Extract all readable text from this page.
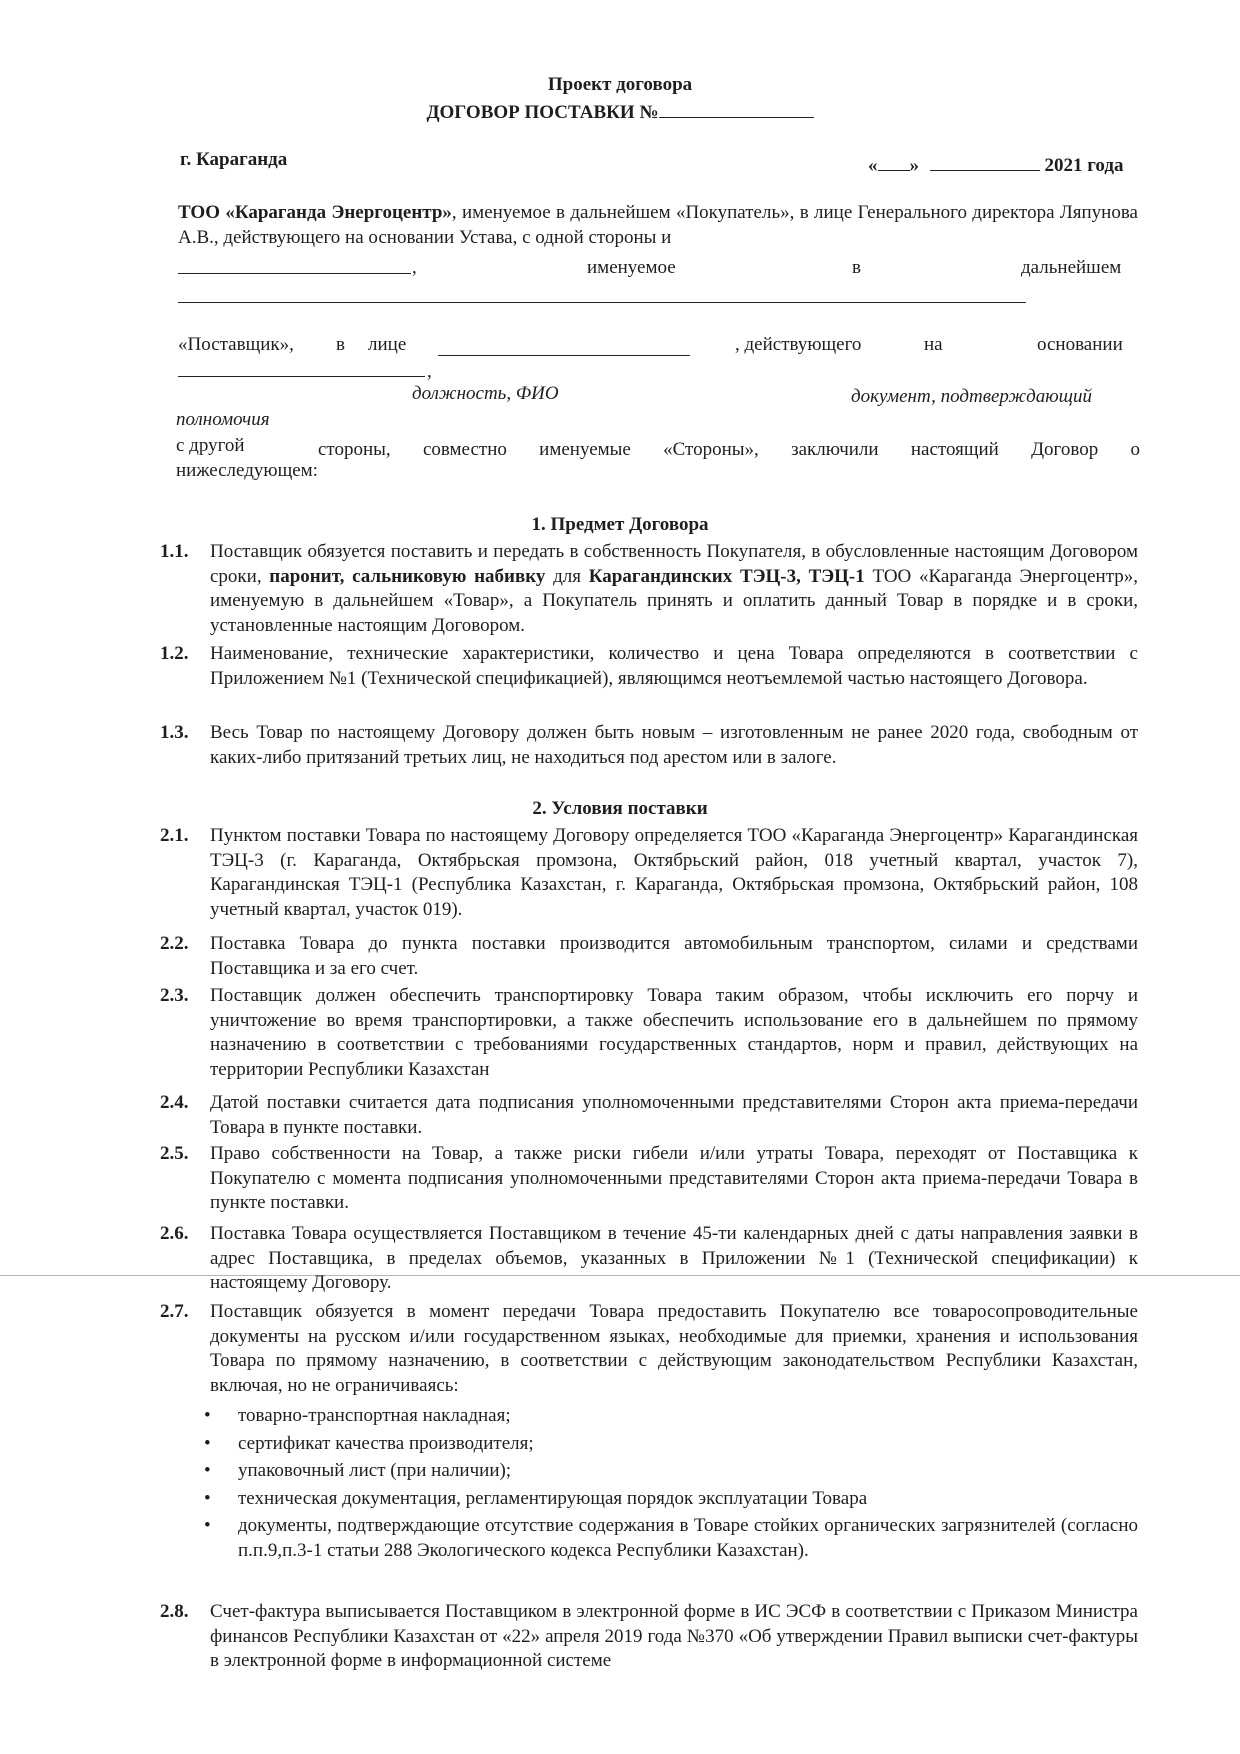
Проект договора
ДОГОВОР ПОСТАВКИ №
г. Караганда	« »	2021 года
ТОО «Караганда Энергоцентр», именуемое в дальнейшем «Покупатель», в лице Генерального директора Ляпунова А.В., действующего на основании Устава, с одной стороны и
,	именуемое	в	дальнейшем
«Поставщик», в лице	, действующего	на	основании
,
должность, ФИО	документ, подтверждающий
полномочия
с другой	стороны, совместно именуемые «Стороны», заключили настоящий Договор о
нижеследующем:
1. Предмет Договора
1.1. Поставщик обязуется поставить и передать в собственность Покупателя, в обусловленные настоящим Договором сроки, паронит, сальниковую набивку для Карагандинских ТЭЦ-3, ТЭЦ-1 ТОО «Караганда Энергоцентр», именуемую в дальнейшем «Товар», а Покупатель принять и оплатить данный Товар в порядке и в сроки, установленные настоящим Договором.
1.2. Наименование, технические характеристики, количество и цена Товара определяются в соответствии с Приложением №1 (Технической спецификацией), являющимся неотъемлемой частью настоящего Договора.
1.3. Весь Товар по настоящему Договору должен быть новым – изготовленным не ранее 2020 года, свободным от каких-либо притязаний третьих лиц, не находиться под арестом или в залоге.
2. Условия поставки
2.1. Пунктом поставки Товара по настоящему Договору определяется ТОО «Караганда Энергоцентр» Карагандинская ТЭЦ-3 (г. Караганда, Октябрьская промзона, Октябрьский район, 018 учетный квартал, участок 7), Карагандинская ТЭЦ-1 (Республика Казахстан, г. Караганда, Октябрьская промзона, Октябрьский район, 108 учетный квартал, участок 019).
2.2. Поставка Товара до пункта поставки производится автомобильным транспортом, силами и средствами Поставщика и за его счет.
2.3. Поставщик должен обеспечить транспортировку Товара таким образом, чтобы исключить его порчу и уничтожение во время транспортировки, а также обеспечить использование его в дальнейшем по прямому назначению в соответствии с требованиями государственных стандартов, норм и правил, действующих на территории Республики Казахстан
2.4. Датой поставки считается дата подписания уполномоченными представителями Сторон акта приема-передачи Товара в пункте поставки.
2.5. Право собственности на Товар, а также риски гибели и/или утраты Товара, переходят от Поставщика к Покупателю с момента подписания уполномоченными представителями Сторон акта приема-передачи Товара в пункте поставки.
2.6. Поставка Товара осуществляется Поставщиком в течение 45-ти календарных дней с даты направления заявки в адрес Поставщика, в пределах объемов, указанных в Приложении №1 (Технической спецификации) к настоящему Договору.
2.7. Поставщик обязуется в момент передачи Товара предоставить Покупателю все товаросопроводительные документы на русском и/или государственном языках, необходимые для приемки, хранения и использования Товара по прямому назначению, в соответствии с действующим законодательством Республики Казахстан, включая, но не ограничиваясь:
• товарно-транспортная накладная;
• сертификат качества производителя;
• упаковочный лист (при наличии);
• техническая документация, регламентирующая порядок эксплуатации Товара
• документы, подтверждающие отсутствие содержания в Товаре стойких органических загрязнителей (согласно п.п.9,п.3-1 статьи 288 Экологического кодекса Республики Казахстан).
2.8. Счет-фактура выписывается Поставщиком в электронной форме в ИС ЭСФ в соответствии с Приказом Министра финансов Республики Казахстан от «22» апреля 2019 года №370 «Об утверждении Правил выписки счет-фактуры в электронной форме в информационной системе
